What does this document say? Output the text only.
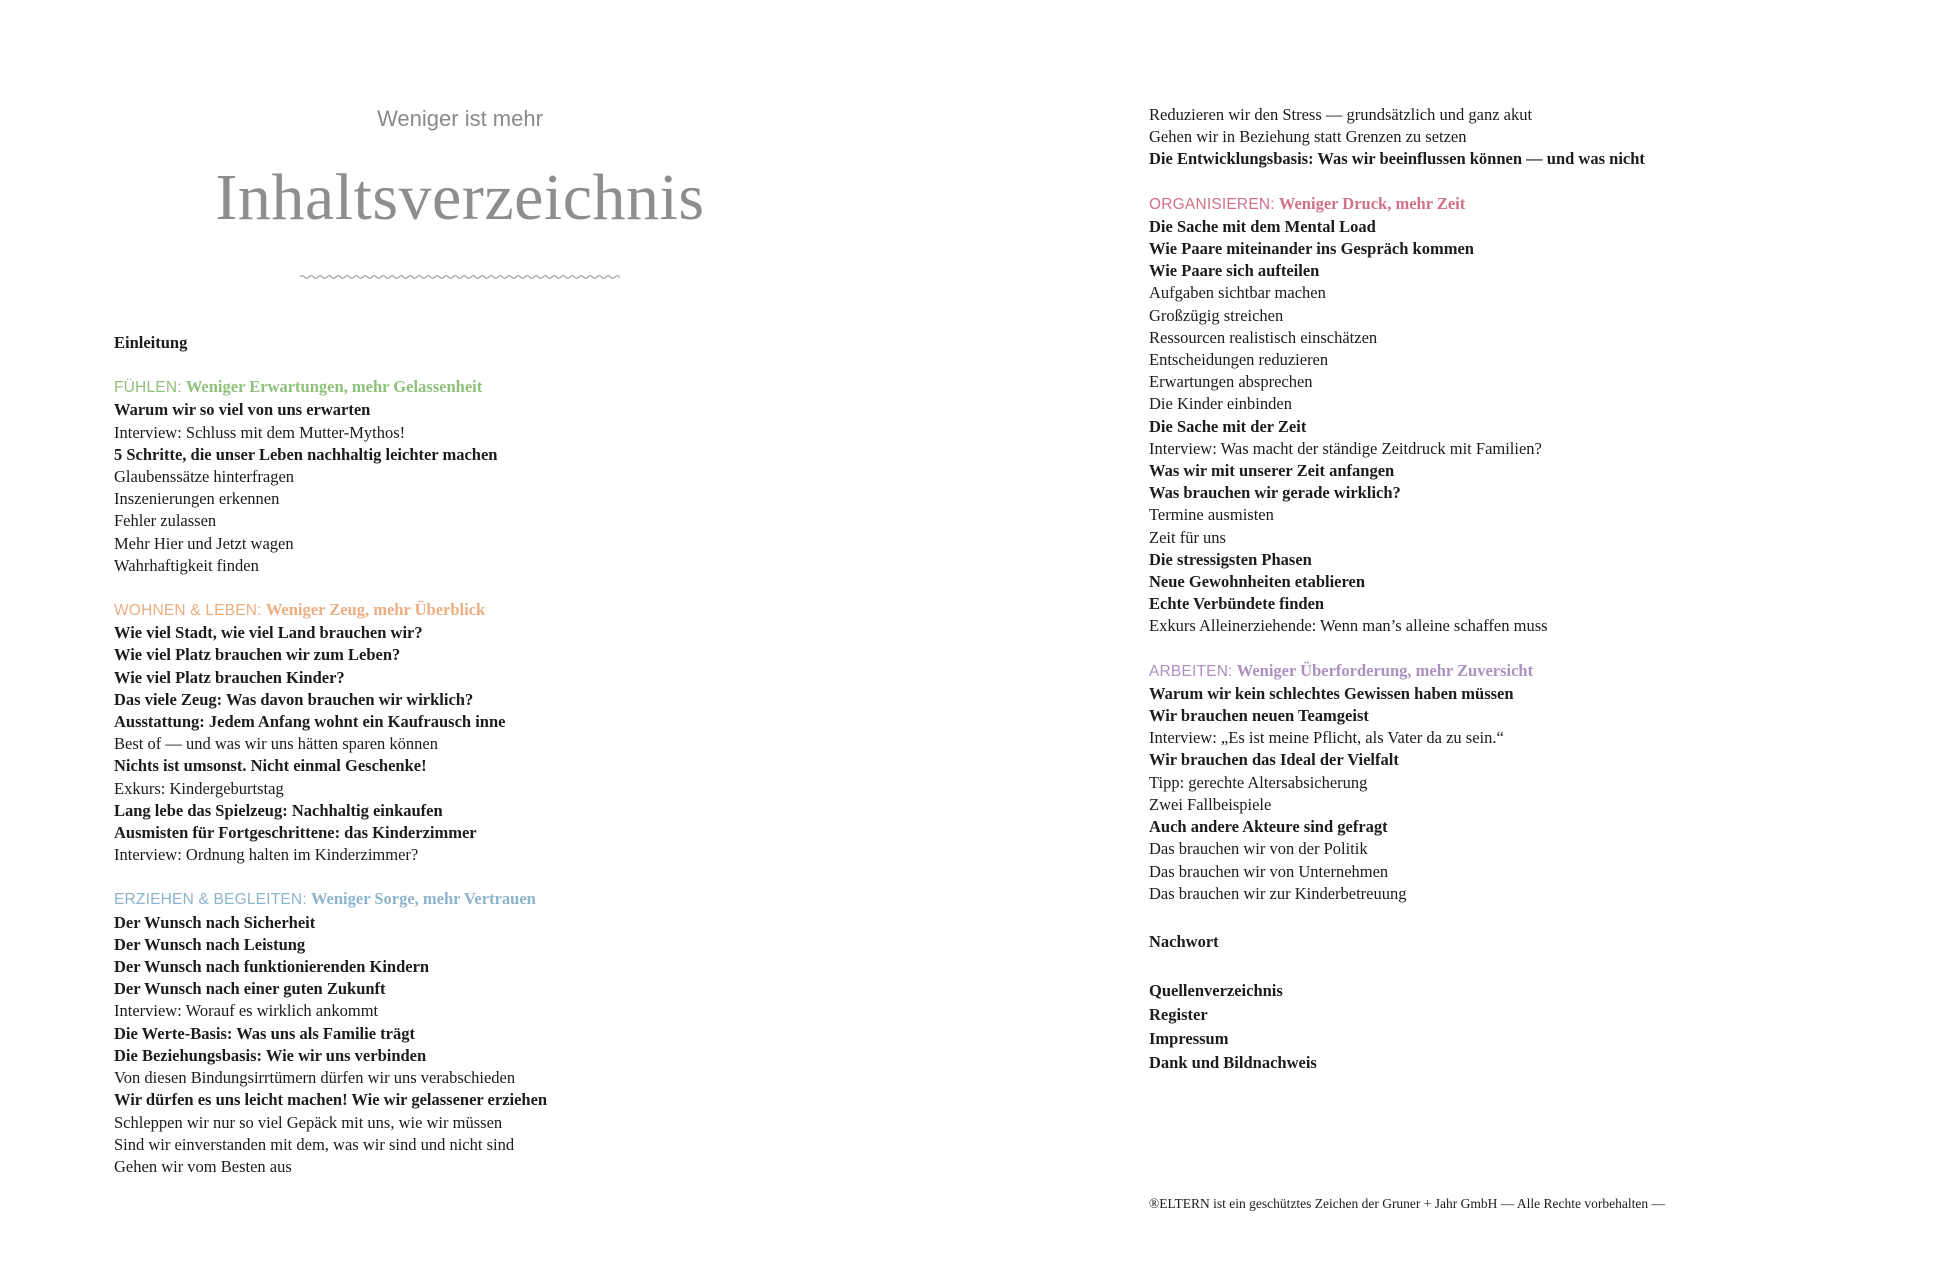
Weniger ist mehr
Inhaltsverzeichnis
Einleitung
FÜHLEN: Weniger Erwartungen, mehr Gelassenheit
Warum wir so viel von uns erwarten
Interview: Schluss mit dem Mutter-Mythos!
5 Schritte, die unser Leben nachhaltig leichter machen
Glaubenssätze hinterfragen
Inszenierungen erkennen
Fehler zulassen
Mehr Hier und Jetzt wagen
Wahrhaftigkeit finden
WOHNEN & LEBEN: Weniger Zeug, mehr Überblick
Wie viel Stadt, wie viel Land brauchen wir?
Wie viel Platz brauchen wir zum Leben?
Wie viel Platz brauchen Kinder?
Das viele Zeug: Was davon brauchen wir wirklich?
Ausstattung: Jedem Anfang wohnt ein Kaufrausch inne
Best of — und was wir uns hätten sparen können
Nichts ist umsonst. Nicht einmal Geschenke!
Exkurs: Kindergeburtstag
Lang lebe das Spielzeug: Nachhaltig einkaufen
Ausmisten für Fortgeschrittene: das Kinderzimmer
Interview: Ordnung halten im Kinderzimmer?
ERZIEHEN & BEGLEITEN: Weniger Sorge, mehr Vertrauen
Der Wunsch nach Sicherheit
Der Wunsch nach Leistung
Der Wunsch nach funktionierenden Kindern
Der Wunsch nach einer guten Zukunft
Interview: Worauf es wirklich ankommt
Die Werte-Basis: Was uns als Familie trägt
Die Beziehungsbasis: Wie wir uns verbinden
Von diesen Bindungsirrtümern dürfen wir uns verabschieden
Wir dürfen es uns leicht machen! Wie wir gelassener erziehen
Schleppen wir nur so viel Gepäck mit uns, wie wir müssen
Sind wir einverstanden mit dem, was wir sind und nicht sind
Gehen wir vom Besten aus
Reduzieren wir den Stress — grundsätzlich und ganz akut
Gehen wir in Beziehung statt Grenzen zu setzen
Die Entwicklungsbasis: Was wir beeinflussen können — und was nicht
ORGANISIEREN: Weniger Druck, mehr Zeit
Die Sache mit dem Mental Load
Wie Paare miteinander ins Gespräch kommen
Wie Paare sich aufteilen
Aufgaben sichtbar machen
Großzügig streichen
Ressourcen realistisch einschätzen
Entscheidungen reduzieren
Erwartungen absprechen
Die Kinder einbinden
Die Sache mit der Zeit
Interview: Was macht der ständige Zeitdruck mit Familien?
Was wir mit unserer Zeit anfangen
Was brauchen wir gerade wirklich?
Termine ausmisten
Zeit für uns
Die stressigsten Phasen
Neue Gewohnheiten etablieren
Echte Verbündete finden
Exkurs Alleinerziehende: Wenn man’s alleine schaffen muss
ARBEITEN: Weniger Überforderung, mehr Zuversicht
Warum wir kein schlechtes Gewissen haben müssen
Wir brauchen neuen Teamgeist
Interview: „Es ist meine Pflicht, als Vater da zu sein.“
Wir brauchen das Ideal der Vielfalt
Tipp: gerechte Altersabsicherung
Zwei Fallbeispiele
Auch andere Akteure sind gefragt
Das brauchen wir von der Politik
Das brauchen wir von Unternehmen
Das brauchen wir zur Kinderbetreuung
Nachwort
Quellenverzeichnis
Register
Impressum
Dank und Bildnachweis
®ELTERN ist ein geschütztes Zeichen der Gruner + Jahr GmbH — Alle Rechte vorbehalten —
